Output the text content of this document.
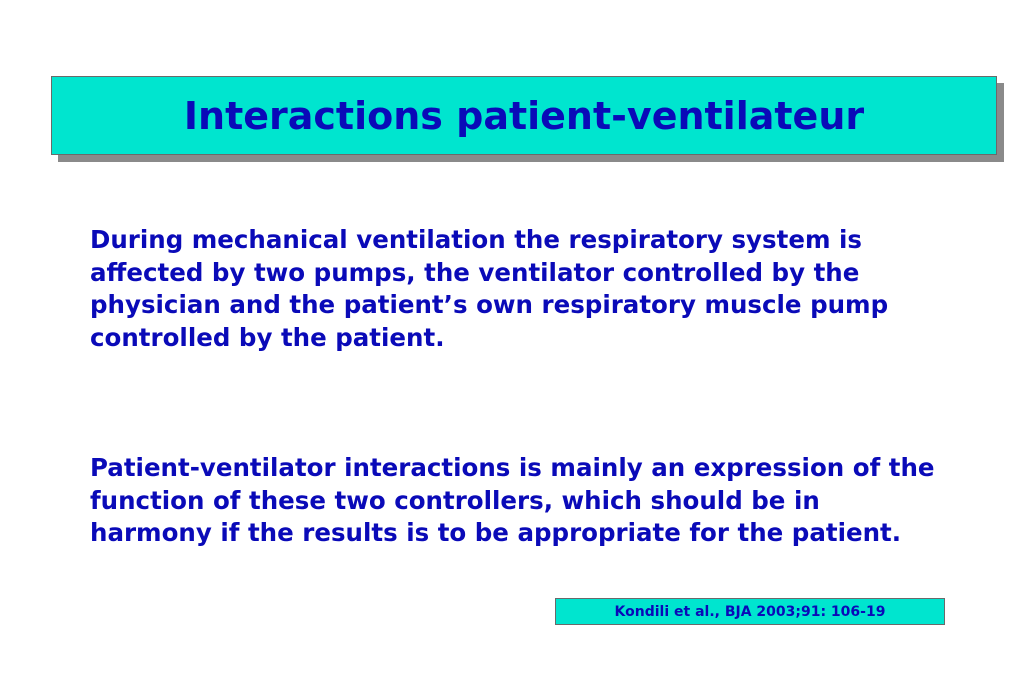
Interactions patient-ventilateur

During mechanical ventilation the respiratory system is affected by two pumps, the ventilator controlled by the physician and the patient’s own respiratory muscle pump controlled by the patient.

Patient-ventilator interactions is mainly an expression of the function of these two controllers, which should be in harmony if the results is to be appropriate for the patient.

Kondili et al., BJA 2003;91: 106-19
